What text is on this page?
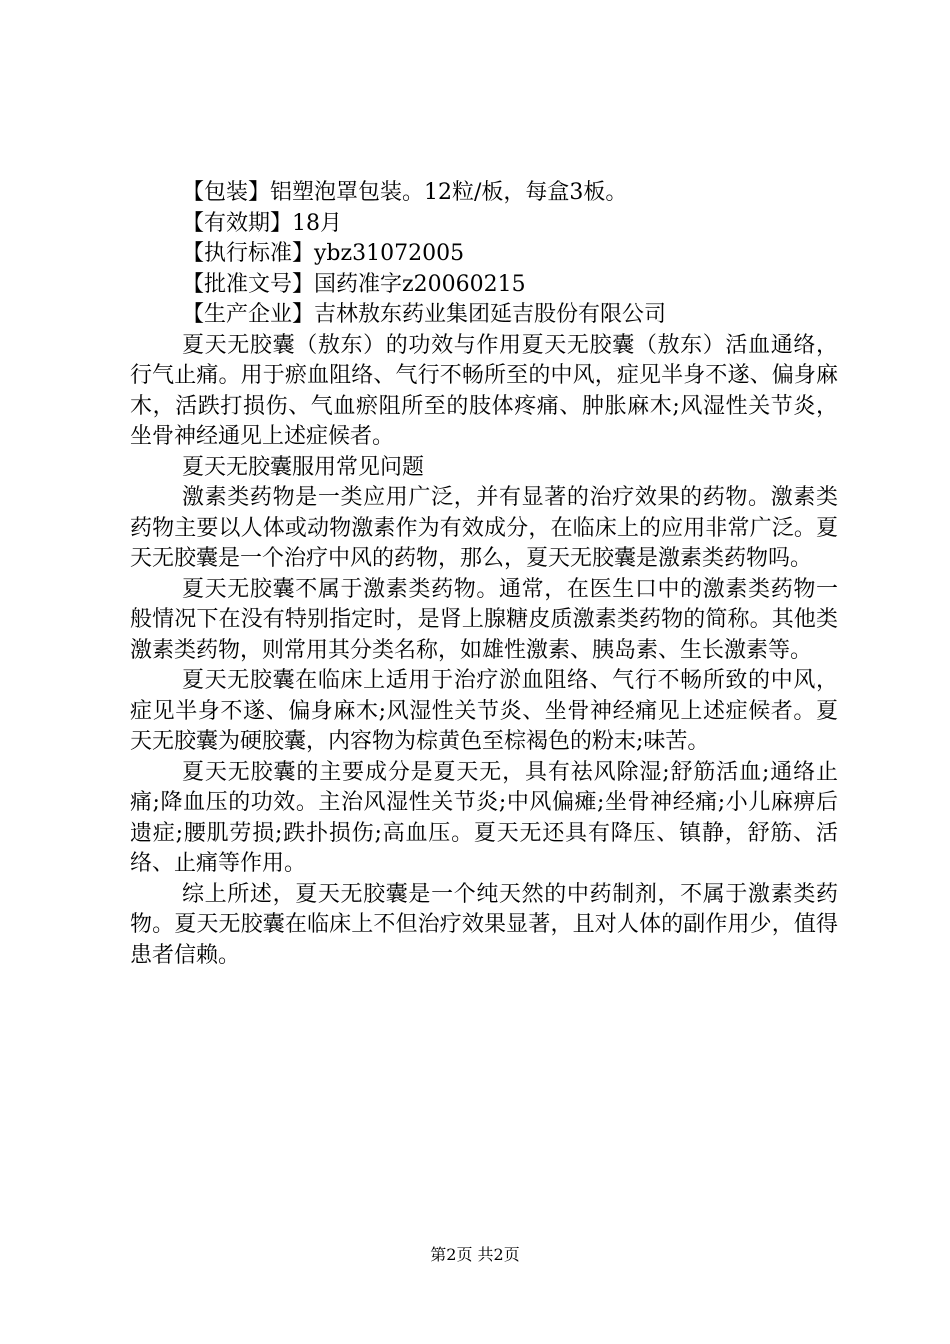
【包装】铝塑泡罩包装。12粒/板，每盒3板。

【有效期】18月

【执行标准】ybz31072005

【批准文号】国药准字z20060215

【生产企业】吉林敖东药业集团延吉股份有限公司

夏天无胶囊（敖东）的功效与作用夏天无胶囊（敖东）活血通络，行气止痛。用于瘀血阻络、气行不畅所至的中风，症见半身不遂、偏身麻木，活跌打损伤、气血瘀阻所至的肢体疼痛、肿胀麻木;风湿性关节炎，坐骨神经通见上述症候者。

夏天无胶囊服用常见问题

激素类药物是一类应用广泛，并有显著的治疗效果的药物。激素类药物主要以人体或动物激素作为有效成分，在临床上的应用非常广泛。夏天无胶囊是一个治疗中风的药物，那么，夏天无胶囊是激素类药物吗。

夏天无胶囊不属于激素类药物。通常，在医生口中的激素类药物一般情况下在没有特别指定时，是肾上腺糖皮质激素类药物的简称。其他类激素类药物，则常用其分类名称，如雄性激素、胰岛素、生长激素等。

夏天无胶囊在临床上适用于治疗淤血阻络、气行不畅所致的中风，症见半身不遂、偏身麻木;风湿性关节炎、坐骨神经痛见上述症候者。夏天无胶囊为硬胶囊，内容物为棕黄色至棕褐色的粉末;味苦。

夏天无胶囊的主要成分是夏天无，具有祛风除湿;舒筋活血;通络止痛;降血压的功效。主治风湿性关节炎;中风偏瘫;坐骨神经痛;小儿麻痹后遗症;腰肌劳损;跌扑损伤;高血压。夏天无还具有降压、镇静，舒筋、活络、止痛等作用。

综上所述，夏天无胶囊是一个纯天然的中药制剂，不属于激素类药物。夏天无胶囊在临床上不但治疗效果显著，且对人体的副作用少，值得患者信赖。

第2页 共2页
